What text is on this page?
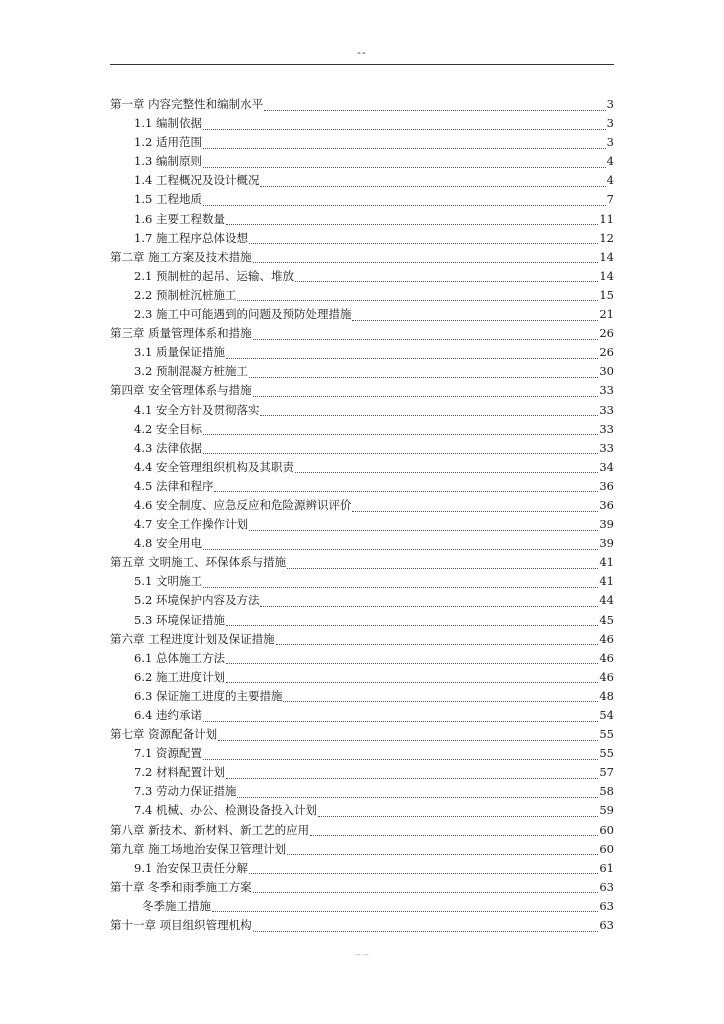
--
第一章 内容完整性和编制水平	3
1.1 编制依据	3
1.2 适用范围	3
1.3 编制原则	4
1.4 工程概况及设计概况	4
1.5 工程地质	7
1.6 主要工程数量	11
1.7 施工程序总体设想	12
第二章 施工方案及技术措施	14
2.1 预制桩的起吊、运输、堆放	14
2.2 预制桩沉桩施工	15
2.3 施工中可能遇到的问题及预防处理措施	21
第三章 质量管理体系和措施	26
3.1 质量保证措施	26
3.2 预制混凝方桩施工	30
第四章 安全管理体系与措施	33
4.1 安全方针及贯彻落实	33
4.2 安全目标	33
4.3 法律依据	33
4.4 安全管理组织机构及其职责	34
4.5 法律和程序	36
4.6 安全制度、应急反应和危险源辨识评价	36
4.7 安全工作操作计划	39
4.8 安全用电	39
第五章 文明施工、环保体系与措施	41
5.1 文明施工	41
5.2 环境保护内容及方法	44
5.3 环境保证措施	45
第六章 工程进度计划及保证措施	46
6.1 总体施工方法	46
6.2 施工进度计划	46
6.3 保证施工进度的主要措施	48
6.4 违约承诺	54
第七章 资源配备计划	55
7.1 资源配置	55
7.2 材料配置计划	57
7.3 劳动力保证措施	58
7.4 机械、办公、检测设备投入计划	59
第八章 新技术、新材料、新工艺的应用	60
第九章 施工场地治安保卫管理计划	60
9.1 治安保卫责任分解	61
第十章 冬季和雨季施工方案	63
冬季施工措施	63
第十一章 项目组织管理机构	63
-- --
